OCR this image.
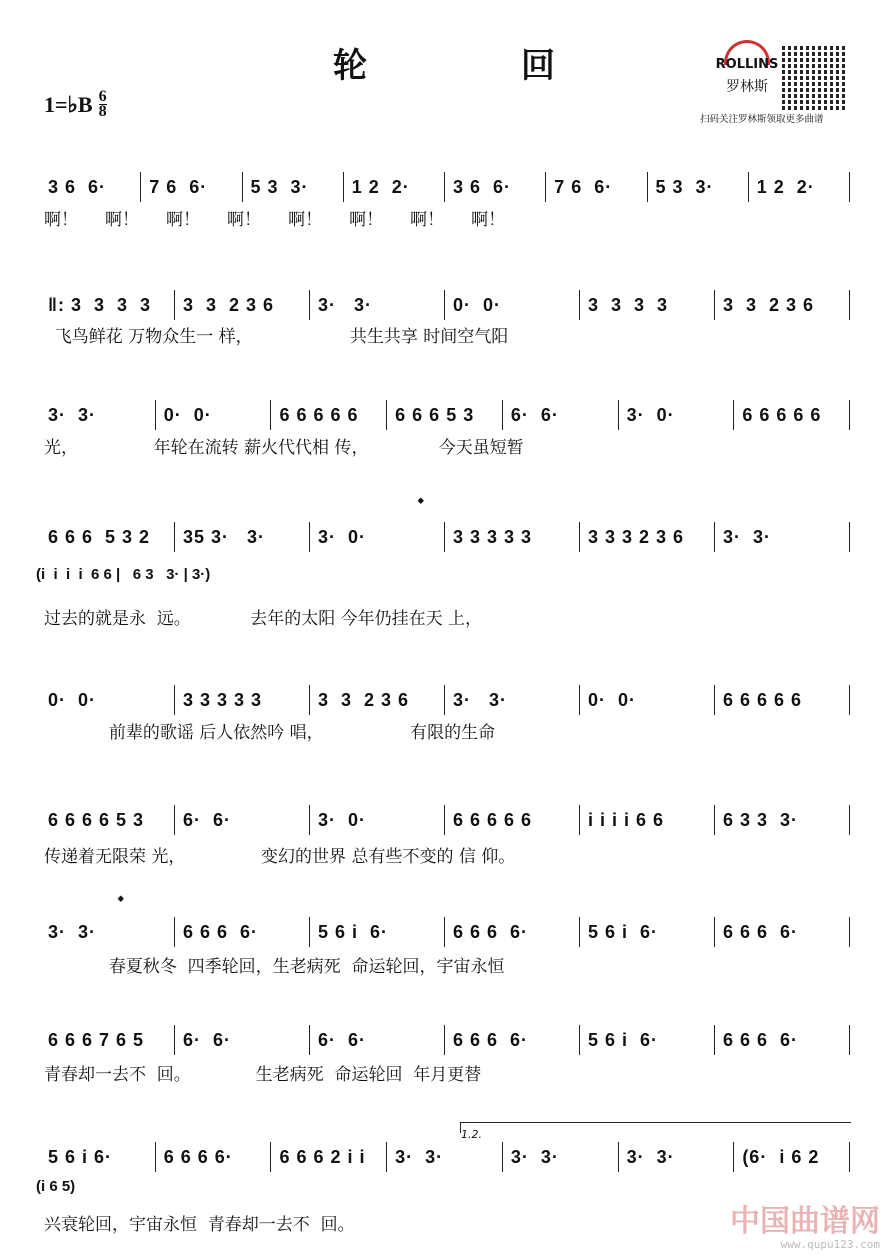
轮　回
1=♭B $\frac{6}{8}$
ROLLINS
罗林斯
扫码关注罗林斯领取更多曲谱
3 6  6·	7 6  6·	5 3  3·	1 2  2·	3 6  6·	7 6  6·	5 3  3·	1 2  2·
啊！     啊！     啊！     啊！     啊！     啊！     啊！     啊！
‖: 3  3  3  3	3  3  2 3 6	3·   3·	0·  0·	3  3  3  3	3  3  2 3 6
飞鸟鲜花 万物众生一 样，                  共生共享 时间空气阳
3·  3·	0·  0·	6 6 6 6 6	6 6 6 5 3	6·  6·	3·  0·	6 6 6 6 6
光，              年轮在流转 薪火代代相 传，             今天虽短暂
6 6 6  5 3 2	35 3·   3·	3·  0·	3 3 3 3 3	3 3 3 2 3 6	3·  3·
(i  i  i  i  6 6 |   6 3   3· | 3·)
过去的就是永  远。           去年的太阳 今年仍挂在天 上，
0·  0·	3 3 3 3 3	3  3  2 3 6	3·   3·	0·  0·	6 6 6 6 6
前辈的歌谣 后人依然吟 唱，                有限的生命
6 6 6 6 5 3	6·  6·	3·  0·	6 6 6 6 6	i i i i 6 6	6 3 3  3·
传递着无限荣 光，              变幻的世界 总有些不变的 信 仰。
3·  3·	6 6 6  6·	5 6 i  6·	6 6 6  6·	5 6 i  6·	6 6 6  6·
春夏秋冬  四季轮回，生老病死  命运轮回，宇宙永恒
6 6 6 7 6 5	6·  6·	6·  6·	6 6 6  6·	5 6 i  6·	6 6 6  6·
青春却一去不  回。            生老病死  命运轮回  年月更替
5 6 i 6·	6 6 6 6·	6 6 6 2 i i	3·  3·	3·  3·	3·  3·	(6·  i 6 2
(i 6 5)
兴衰轮回，宇宙永恒  青春却一去不  回。
𝄌
𝄌
1.2.
中国曲谱网
www.qupu123.com
